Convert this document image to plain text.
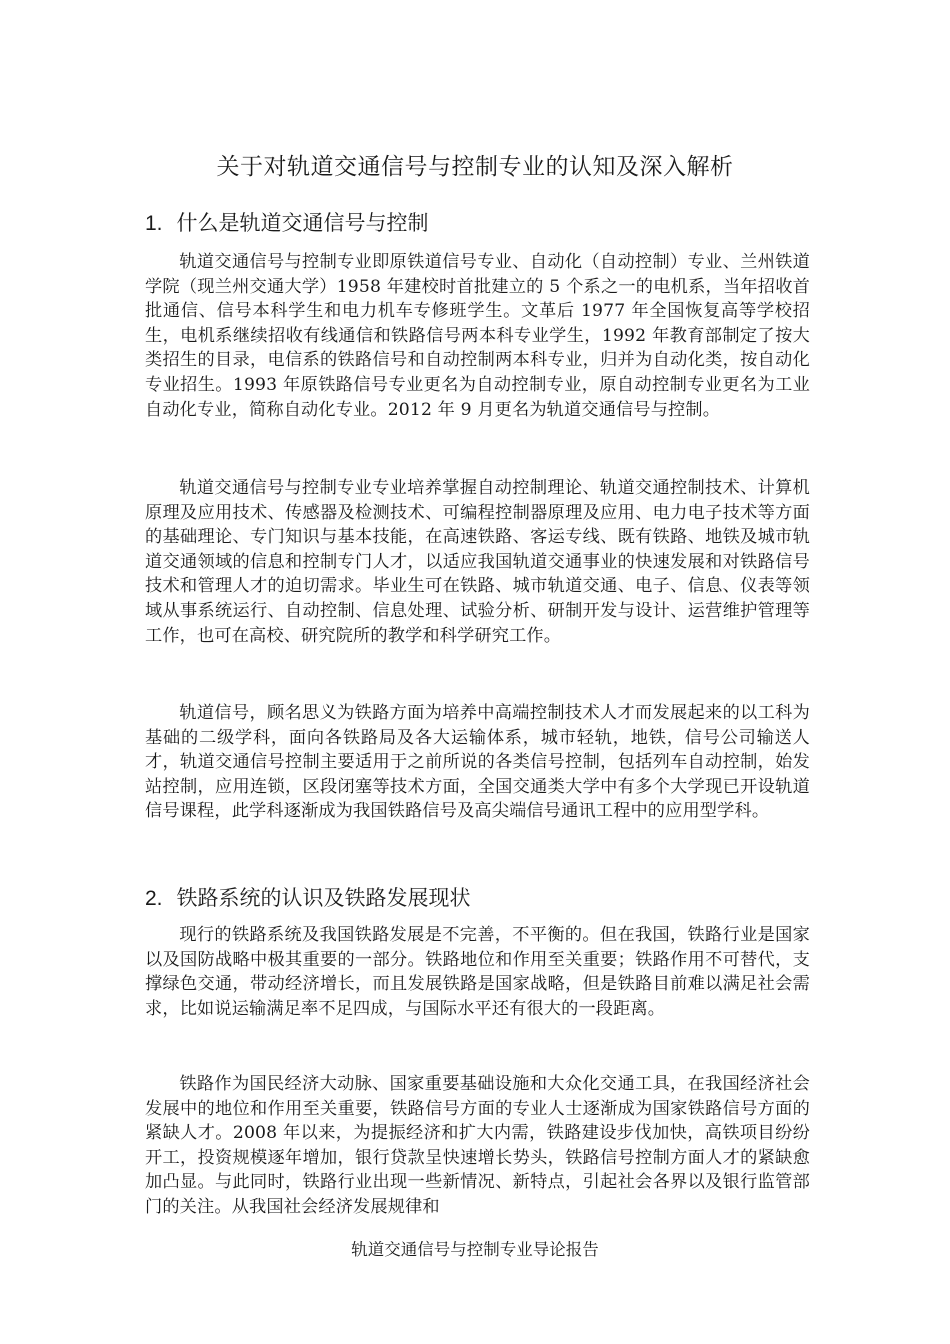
关于对轨道交通信号与控制专业的认知及深入解析
1. 什么是轨道交通信号与控制

轨道交通信号与控制专业即原铁道信号专业、自动化（自动控制）专业、兰州铁道学院（现兰州交通大学）1958 年建校时首批建立的 5 个系之一的电机系，当年招收首批通信、信号本科学生和电力机车专修班学生。文革后 1977 年全国恢复高等学校招生，电机系继续招收有线通信和铁路信号两本科专业学生，1992 年教育部制定了按大类招生的目录，电信系的铁路信号和自动控制两本科专业，归并为自动化类，按自动化专业招生。1993 年原铁路信号专业更名为自动控制专业，原自动控制专业更名为工业自动化专业，简称自动化专业。2012 年 9 月更名为轨道交通信号与控制。

轨道交通信号与控制专业专业培养掌握自动控制理论、轨道交通控制技术、计算机原理及应用技术、传感器及检测技术、可编程控制器原理及应用、电力电子技术等方面的基础理论、专门知识与基本技能，在高速铁路、客运专线、既有铁路、地铁及城市轨道交通领域的信息和控制专门人才，以适应我国轨道交通事业的快速发展和对铁路信号技术和管理人才的迫切需求。毕业生可在铁路、城市轨道交通、电子、信息、仪表等领域从事系统运行、自动控制、信息处理、试验分析、研制开发与设计、运营维护管理等工作，也可在高校、研究院所的教学和科学研究工作。

轨道信号，顾名思义为铁路方面为培养中高端控制技术人才而发展起来的以工科为基础的二级学科，面向各铁路局及各大运输体系，城市轻轨，地铁，信号公司输送人才，轨道交通信号控制主要适用于之前所说的各类信号控制，包括列车自动控制，始发站控制，应用连锁，区段闭塞等技术方面，全国交通类大学中有多个大学现已开设轨道信号课程，此学科逐渐成为我国铁路信号及高尖端信号通讯工程中的应用型学科。

2. 铁路系统的认识及铁路发展现状

现行的铁路系统及我国铁路发展是不完善，不平衡的。但在我国，铁路行业是国家以及国防战略中极其重要的一部分。铁路地位和作用至关重要；铁路作用不可替代，支撑绿色交通，带动经济增长，而且发展铁路是国家战略，但是铁路目前难以满足社会需求，比如说运输满足率不足四成，与国际水平还有很大的一段距离。

铁路作为国民经济大动脉、国家重要基础设施和大众化交通工具，在我国经济社会发展中的地位和作用至关重要，铁路信号方面的专业人士逐渐成为国家铁路信号方面的紧缺人才。2008 年以来，为提振经济和扩大内需，铁路建设步伐加快，高铁项目纷纷开工，投资规模逐年增加，银行贷款呈快速增长势头，铁路信号控制方面人才的紧缺愈加凸显。与此同时，铁路行业出现一些新情况、新特点，引起社会各界以及银行监管部门的关注。从我国社会经济发展规律和

轨道交通信号与控制专业导论报告
